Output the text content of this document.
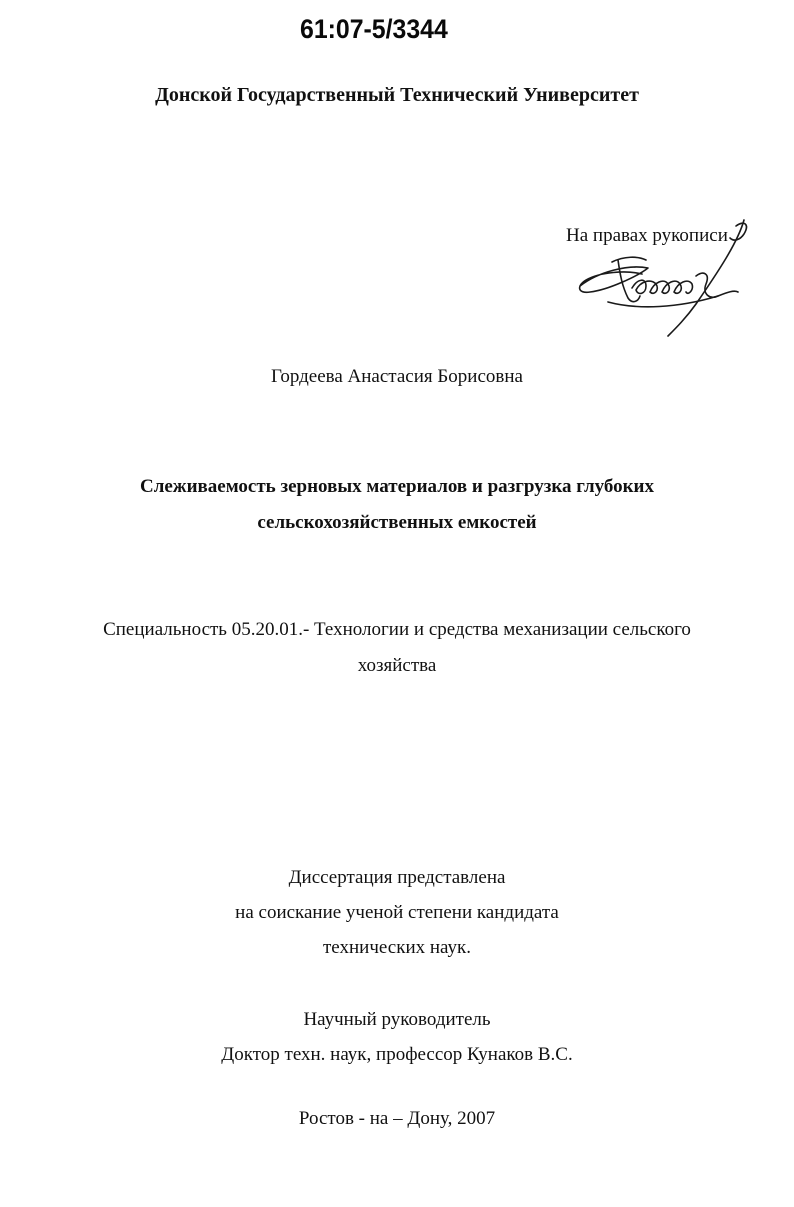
61:07-5/3344
Донской Государственный Технический Университет
На правах рукописи
Гордеева Анастасия Борисовна
Слеживаемость зерновых материалов и разгрузка глубоких
сельскохозяйственных емкостей
Специальность 05.20.01.- Технологии и средства механизации сельского
хозяйства
Диссертация представлена
на соискание ученой степени кандидата
технических наук.
Научный руководитель
Доктор техн. наук, профессор Кунаков В.С.
Ростов - на – Дону, 2007
